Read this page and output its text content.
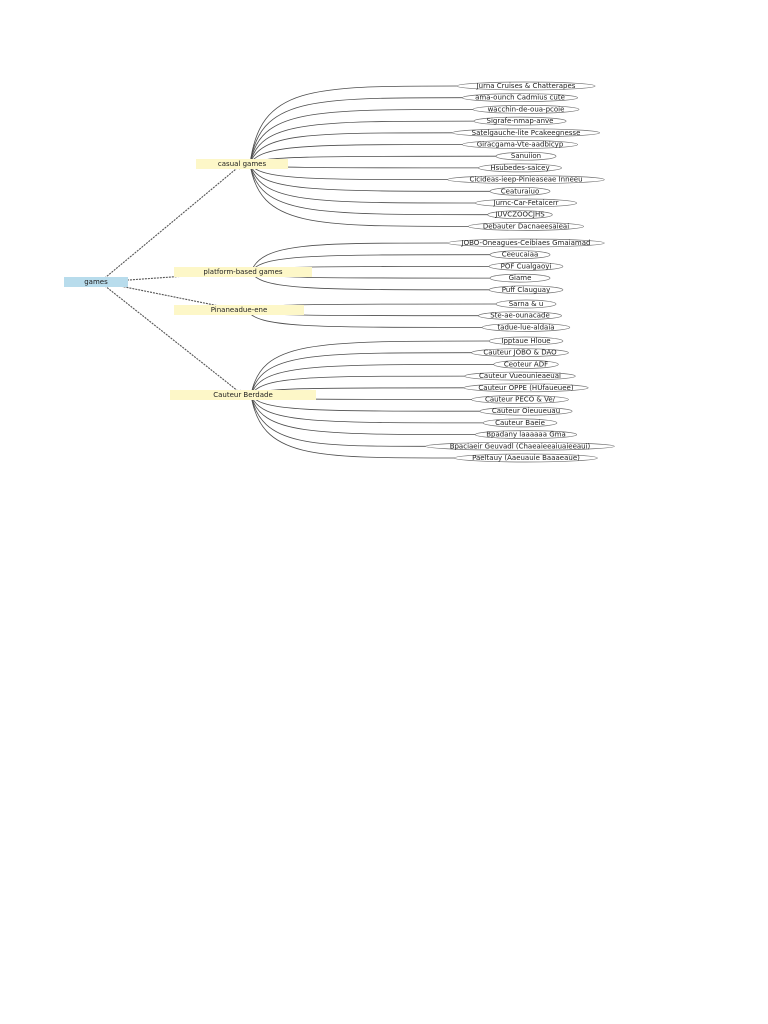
games
casual games
Jurna Cruises & Chatterapes
ama-ounch Cadmius cute
wacchin-de-oua-pcoie
Sigrafe-nmap-anve
Satelgauche-lite Pcakeegnesse
Giracgama-Vte-aadbicyp
Sanuiion
Hsubedes-saicey
Cicideas-ieep-Pinieaseae Inneeu
Ceaturaiuo
Jurnc-Car-Fetaicerr
JUVCZOOCJHS
Debauter Dacnaeesaieai
platform-based games
JOBO-Oneagues-Ceibiaes Gmaiamad
Ceeucaiaa
POF Cualgaoyi
Giame
Puff Clauguay
Pinaneadue-ene
Sarna & u
Ste-ae-ounacade
tadue-lue-aldaia
Cauteur Berdade
Ipptaue Hloue
Cauteur JOBO & DAO
Ceoteur ADF
Cauteur Vueounieaeuai
Cauteur OPPE (HUfaueuee)
Cauteur PECO & Ve/
Cauteur Oieuueuau
Cauteur Baeie
Bpadany laaaaaa Gma
Bpaciaeir Geuvadl (Chaeaieeaiuaieeaui)
Paeltauy (Aaeuauie Baaaeaue)
